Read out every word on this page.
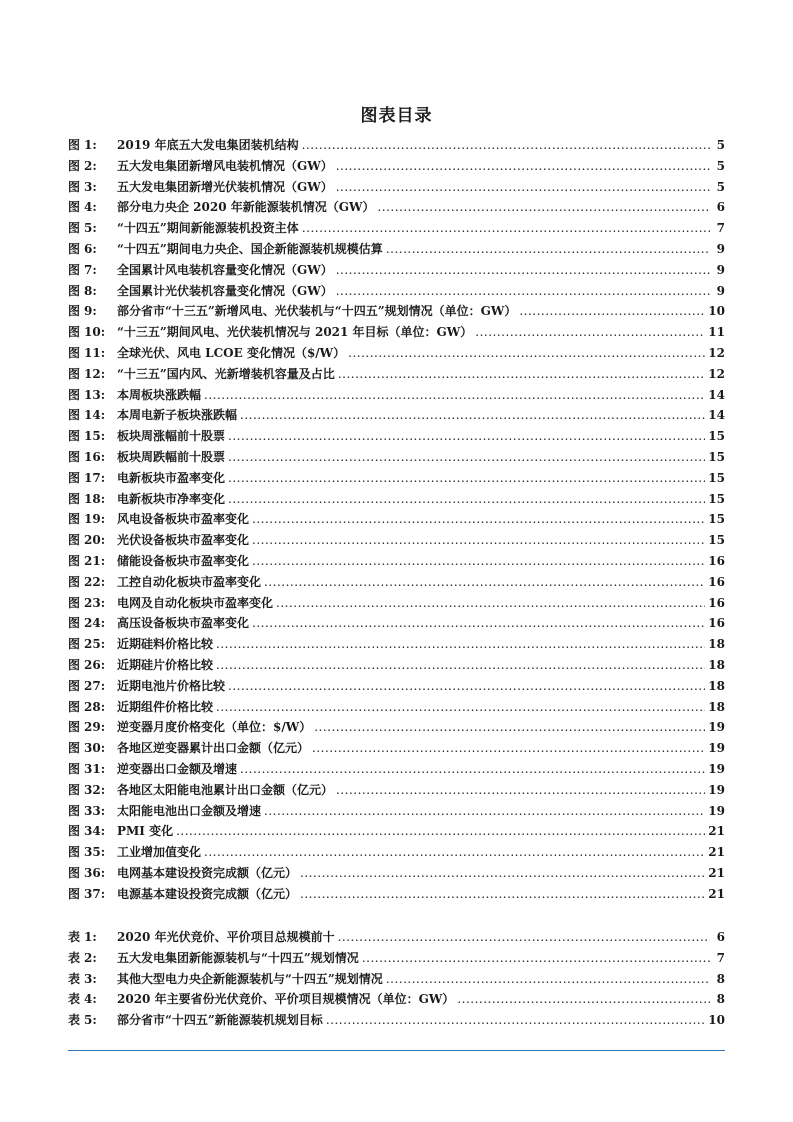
图表目录
图 1:	2019 年底五大发电集团装机结构 .....	5
图 2:	五大发电集团新增风电装机情况（GW） .....	5
图 3:	五大发电集团新增光伏装机情况（GW） .....	5
图 4:	部分电力央企 2020 年新能源装机情况（GW） .....	6
图 5:	“十四五”期间新能源装机投资主体 .....	7
图 6:	“十四五”期间电力央企、国企新能源装机规模估算 .....	9
图 7:	全国累计风电装机容量变化情况（GW） .....	9
图 8:	全国累计光伏装机容量变化情况（GW） .....	9
图 9:	部分省市“十三五”新增风电、光伏装机与“十四五”规划情况（单位：GW） .....	10
图 10: “十三五”期间风电、光伏装机情况与 2021 年目标（单位：GW） .....	11
图 11: 全球光伏、风电 LCOE 变化情况（$/W） .....	12
图 12: “十三五”国内风、光新增装机容量及占比 .....	12
图 13: 本周板块涨跌幅 .....	14
图 14: 本周电新子板块涨跌幅 .....	14
图 15: 板块周涨幅前十股票 .....	15
图 16: 板块周跌幅前十股票 .....	15
图 17: 电新板块市盈率变化 .....	15
图 18: 电新板块市净率变化 .....	15
图 19: 风电设备板块市盈率变化 .....	15
图 20: 光伏设备板块市盈率变化 .....	15
图 21: 储能设备板块市盈率变化 .....	16
图 22: 工控自动化板块市盈率变化 .....	16
图 23: 电网及自动化板块市盈率变化 .....	16
图 24: 高压设备板块市盈率变化 .....	16
图 25: 近期硅料价格比较 .....	18
图 26: 近期硅片价格比较 .....	18
图 27: 近期电池片价格比较 .....	18
图 28: 近期组件价格比较 .....	18
图 29: 逆变器月度价格变化（单位：$/W） .....	19
图 30: 各地区逆变器累计出口金额（亿元） .....	19
图 31: 逆变器出口金额及增速 .....	19
图 32: 各地区太阳能电池累计出口金额（亿元） .....	19
图 33: 太阳能电池出口金额及增速 .....	19
图 34: PMI 变化 .....	21
图 35: 工业增加值变化 .....	21
图 36: 电网基本建设投资完成额（亿元） .....	21
图 37: 电源基本建设投资完成额（亿元） .....	21
表 1:	2020 年光伏竞价、平价项目总规模前十 .....	6
表 2:	五大发电集团新能源装机与“十四五”规划情况 .....	7
表 3:	其他大型电力央企新能源装机与“十四五”规划情况 .....	8
表 4:	2020 年主要省份光伏竞价、平价项目规模情况（单位：GW） .....	8
表 5:	部分省市“十四五”新能源装机规划目标 .....	10
